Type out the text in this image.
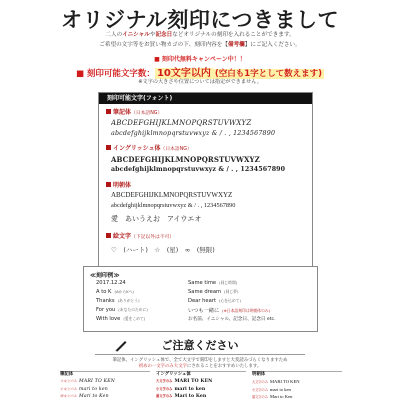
オリジナル刻印につきまして
二人のイニシャルや記念日などオリジナルの刻印を入れることができます。
ご希望の文字等をお買い物カゴの下、刻印内容を【備考欄】にご記入ください。
■ 刻印代無料キャンペーン中！！
■ 刻印可能文字数： 10文字以内 (空白も1字として数えます)
※文字の大きさや位置については指定ができません。
刻印可能文字(フォント)
筆記体（日本語NG）
ABCDEFGHIJKLMNOPQRSTUVWXYZ
abcdefghijklmnopqrstuvwxyz & / . , 1234567890
イングリッシュ体（日本語NG）
ABCDEFGHIJKLMNOPQRSTUVWXYZ
abcdefghijklmnopqrstuvwxyz & / . , 1234567890
明朝体
ABCDEFGHIJKLMNOPQRSTUVWXYZ
abcdefghijklmnopqrstuvwxyz & / . , 1234567890
愛　あいうえお　アイウエオ
絵文字（下記以外は不可）
♡　(ハート)　☆　(星)　∞　(無限)
≪刻印例≫
2017.12.24
A to K (AからKへ)
Thanks (ありがとう)
For you (あなたのために)
With love (愛をこめて)
Same time (同じ時間)
Same dream (同じ夢)
Dear heart (心を込めて)
いつも一緒に (※日本語刻印は明朝体のみ)
お名前、イニシャル、記念日、記念日 etc.
ご注意ください
筆記体、イングリッシュ体で、全て大文字で刻印をしますと大変読みづらくなりますため
初めの一文字のみ大文字にされることをおすすめいたします。
筆記体
大文字のみ MARI TO KEN
小文字のみ mari to ken
頭文字のみ Mari to Ken
イングリッシュ体
大文字のみ MARI TO KEN
小文字のみ mari to ken
頭文字のみ Mari to Ken
明朝体
大文字のみ MARI TO KEN
小文字のみ mari to ken
頭文字のみ Mari to Ken
